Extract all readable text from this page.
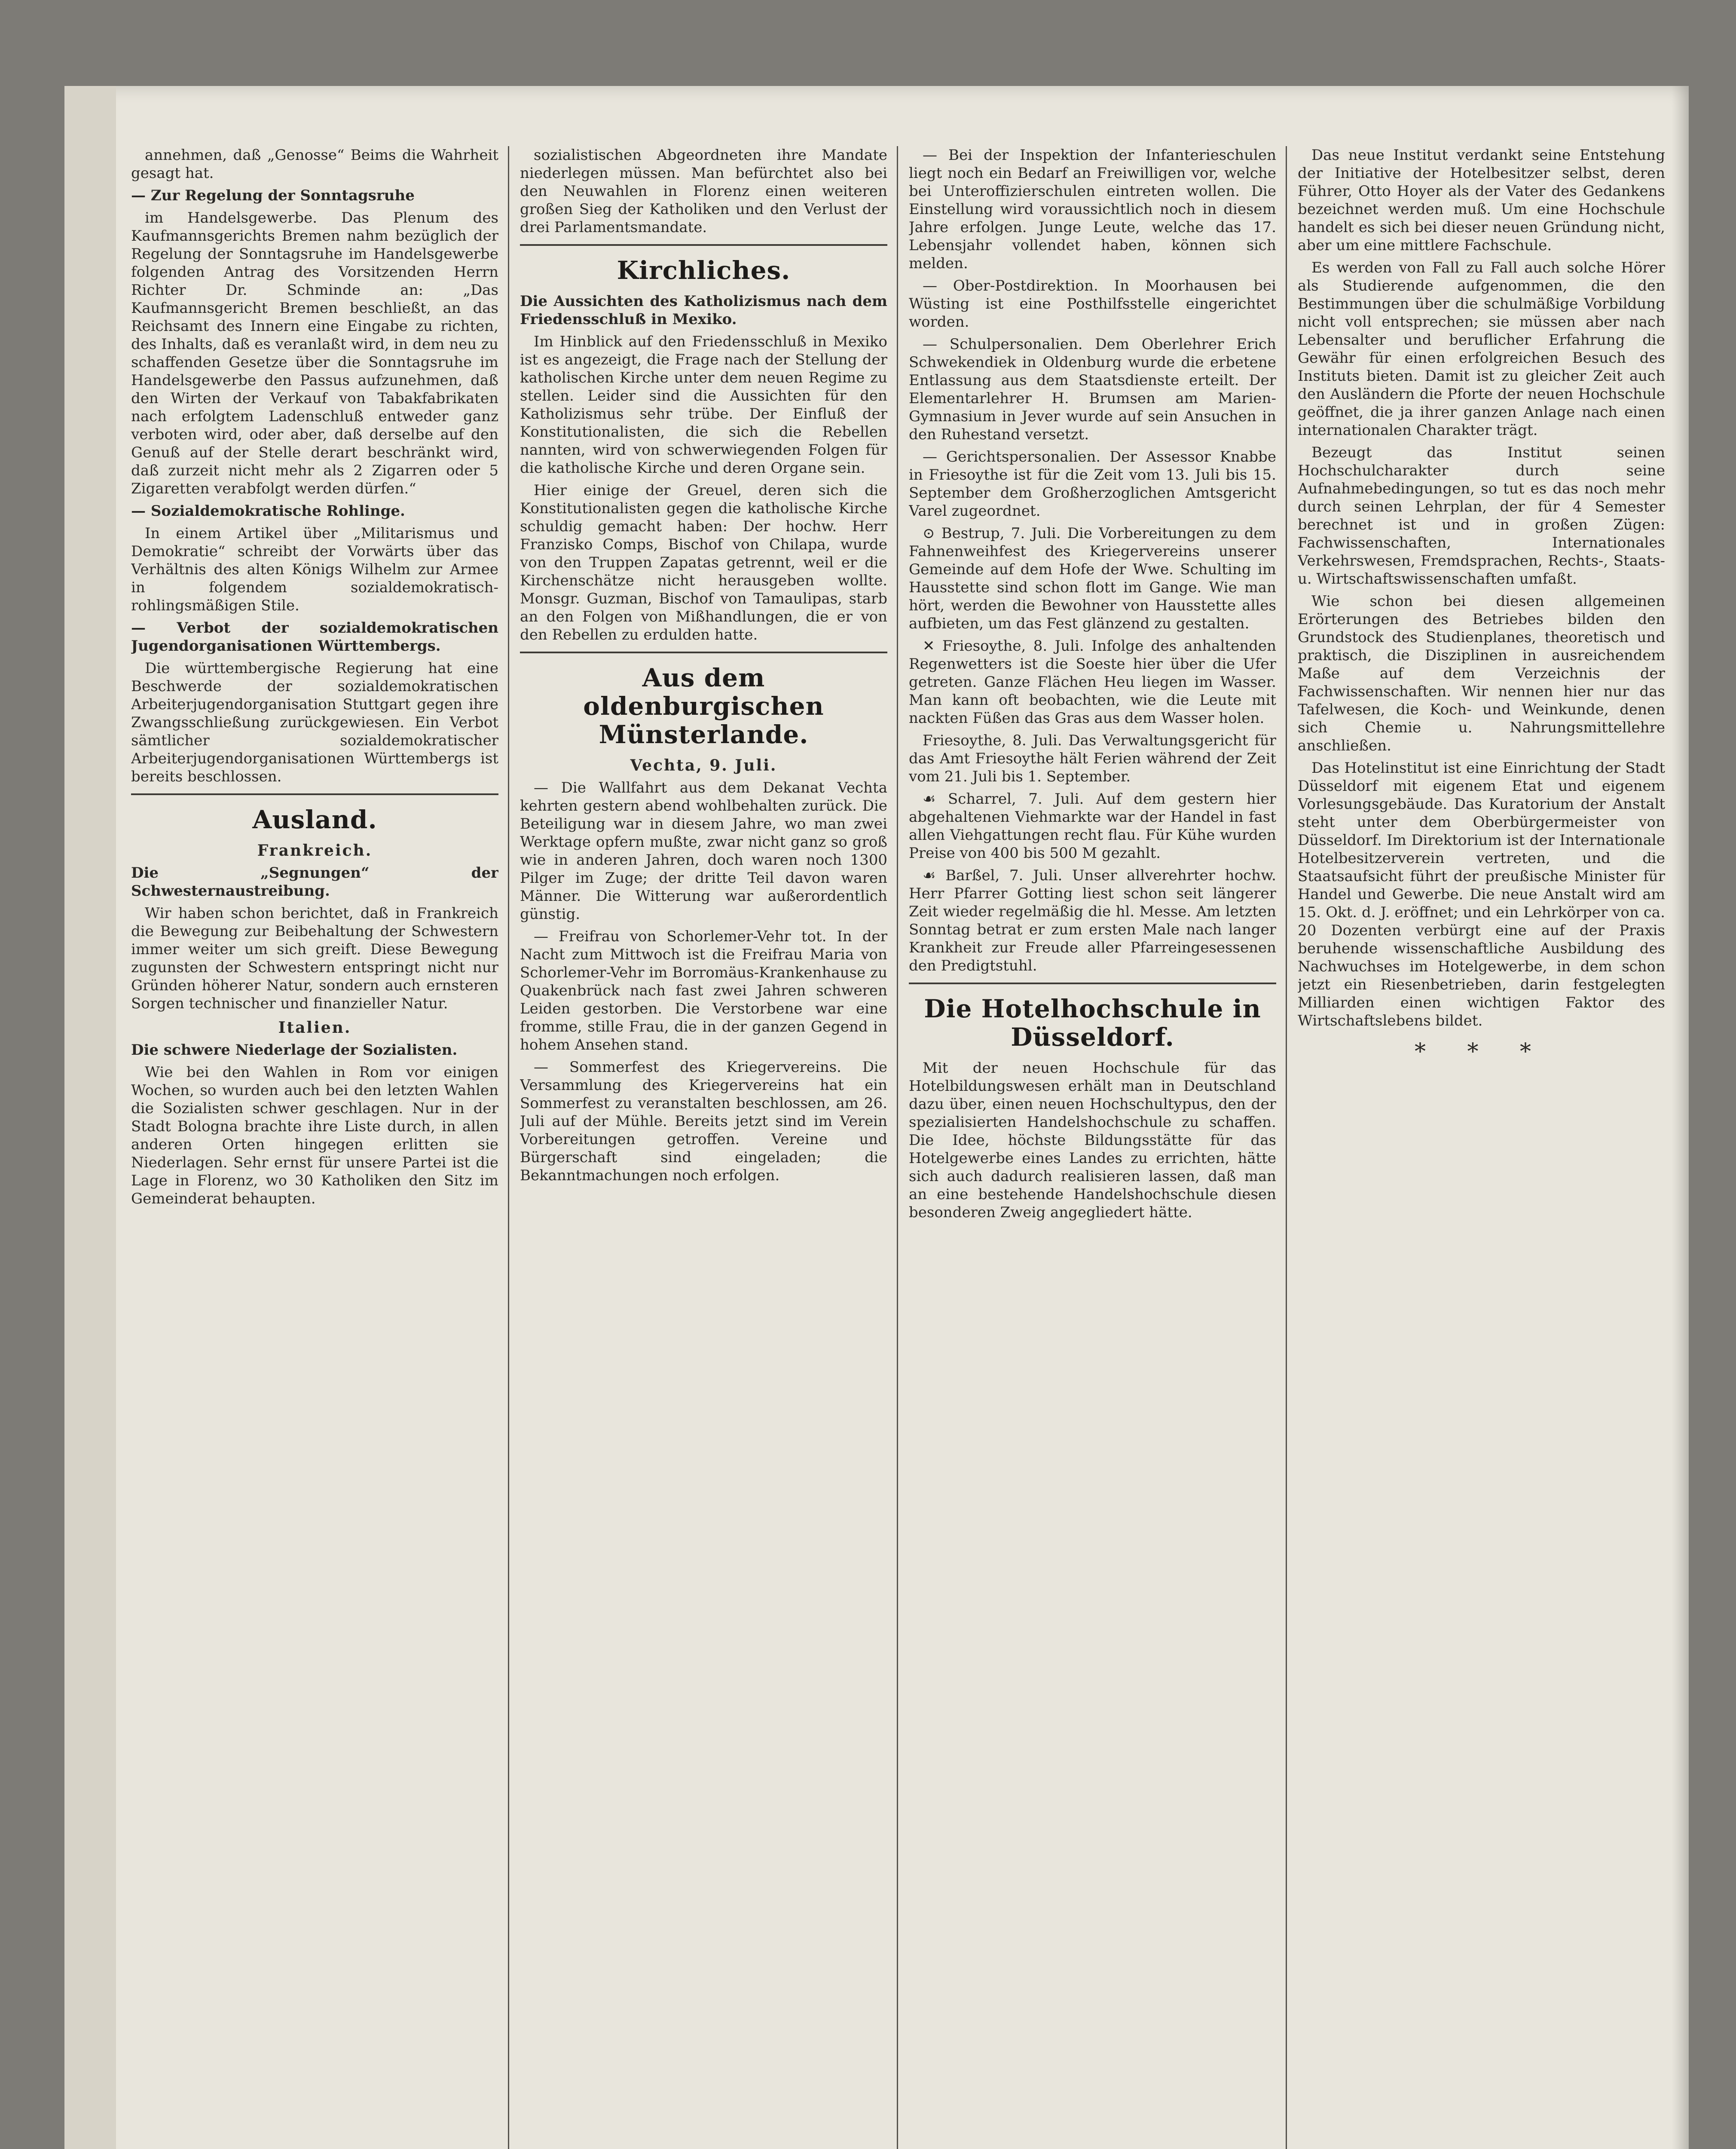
annehmen, daß „Genosse“ Beims die Wahrheit gesagt hat.

— Zur Regelung der Sonntagsruhe

im Handelsgewerbe. Das Plenum des Kaufmannsgerichts Bremen nahm bezüglich der Regelung der Sonntagsruhe im Handelsgewerbe folgenden Antrag des Vorsitzenden Herrn Richter Dr. Schminde an: „Das Kaufmannsgericht Bremen beschließt, an das Reichsamt des Innern eine Eingabe zu richten, des Inhalts, daß es veranlaßt wird, in dem neu zu schaffenden Gesetze über die Sonntagsruhe im Handelsgewerbe den Passus aufzunehmen, daß den Wirten der Verkauf von Tabakfabrikaten nach erfolgtem Ladenschluß entweder ganz verboten wird, oder aber, daß derselbe auf den Genuß auf der Stelle derart beschränkt wird, daß zurzeit nicht mehr als 2 Zigarren oder 5 Zigaretten verabfolgt werden dürfen.“

— Sozialdemokratische Rohlinge.

In einem Artikel über „Militarismus und Demokratie“ schreibt der Vorwärts über das Verhältnis des alten Königs Wilhelm zur Armee in folgendem sozialdemokratisch-rohlingsmäßigen Stile.

— Verbot der sozialdemokratischen Jugendorganisationen Württembergs.

Die württembergische Regierung hat eine Beschwerde der sozialdemokratischen Arbeiterjugendorganisation Stuttgart gegen ihre Zwangsschließung zurückgewiesen. Ein Verbot sämtlicher sozialdemokratischer Arbeiterjugendorganisationen Württembergs ist bereits beschlossen.

Ausland.
Frankreich.

Die „Segnungen“ der Schwesternaustreibung.

Wir haben schon berichtet, daß in Frankreich die Bewegung zur Beibehaltung der Schwestern immer weiter um sich greift. Diese Bewegung zugunsten der Schwestern entspringt nicht nur Gründen höherer Natur, sondern auch ernsteren Sorgen technischer und finanzieller Natur.

Italien.

Die schwere Niederlage der Sozialisten.

Wie bei den Wahlen in Rom vor einigen Wochen, so wurden auch bei den letzten Wahlen die Sozialisten schwer geschlagen. Nur in der Stadt Bologna brachte ihre Liste durch, in allen anderen Orten hingegen erlitten sie Niederlagen. Sehr ernst für unsere Partei ist die Lage in Florenz, wo 30 Katholiken den Sitz im Gemeinderat behaupten.

sozialistischen Abgeordneten ihre Mandate niederlegen müssen. Man befürchtet also bei den Neuwahlen in Florenz einen weiteren großen Sieg der Katholiken und den Verlust der drei Parlamentsmandate.

Kirchliches.

Die Aussichten des Katholizismus nach dem Friedensschluß in Mexiko.

Im Hinblick auf den Friedensschluß in Mexiko ist es angezeigt, die Frage nach der Stellung der katholischen Kirche unter dem neuen Regime zu stellen. Leider sind die Aussichten für den Katholizismus sehr trübe. Der Einfluß der Konstitutionalisten, die sich die Rebellen nannten, wird von schwerwiegenden Folgen für die katholische Kirche und deren Organe sein.

Hier einige der Greuel, deren sich die Konstitutionalisten gegen die katholische Kirche schuldig gemacht haben: Der hochw. Herr Franzisko Comps, Bischof von Chilapa, wurde von den Truppen Zapatas getrennt, weil er die Kirchenschätze nicht herausgeben wollte. Monsgr. Guzman, Bischof von Tamaulipas, starb an den Folgen von Mißhandlungen, die er von den Rebellen zu erdulden hatte.

Aus dem oldenburgischen Münsterlande.
Vechta, 9. Juli.

— Die Wallfahrt aus dem Dekanat Vechta kehrten gestern abend wohlbehalten zurück. Die Beteiligung war in diesem Jahre, wo man zwei Werktage opfern mußte, zwar nicht ganz so groß wie in anderen Jahren, doch waren noch 1300 Pilger im Zuge; der dritte Teil davon waren Männer. Die Witterung war außerordentlich günstig.

— Freifrau von Schorlemer-Vehr tot. In der Nacht zum Mittwoch ist die Freifrau Maria von Schorlemer-Vehr im Borromäus-Krankenhause zu Quakenbrück nach fast zwei Jahren schweren Leiden gestorben. Die Verstorbene war eine fromme, stille Frau, die in der ganzen Gegend in hohem Ansehen stand.

— Sommerfest des Kriegervereins. Die Versammlung des Kriegervereins hat ein Sommerfest zu veranstalten beschlossen, am 26. Juli auf der Mühle. Bereits jetzt sind im Verein Vorbereitungen getroffen. Vereine und Bürgerschaft sind eingeladen; die Bekanntmachungen noch erfolgen.

— Bei der Inspektion der Infanterieschulen liegt noch ein Bedarf an Freiwilligen vor, welche bei Unteroffizierschulen eintreten wollen. Die Einstellung wird voraussichtlich noch in diesem Jahre erfolgen. Junge Leute, welche das 17. Lebensjahr vollendet haben, können sich melden.

— Ober-Postdirektion. In Moorhausen bei Wüsting ist eine Posthilfsstelle eingerichtet worden.

— Schulpersonalien. Dem Oberlehrer Erich Schwekendiek in Oldenburg wurde die erbetene Entlassung aus dem Staatsdienste erteilt. Der Elementarlehrer H. Brumsen am Marien-Gymnasium in Jever wurde auf sein Ansuchen in den Ruhestand versetzt.

— Gerichtspersonalien. Der Assessor Knabbe in Friesoythe ist für die Zeit vom 13. Juli bis 15. September dem Großherzoglichen Amtsgericht Varel zugeordnet.

⊙ Bestrup, 7. Juli. Die Vorbereitungen zu dem Fahnenweihfest des Kriegervereins unserer Gemeinde auf dem Hofe der Wwe. Schulting im Hausstette sind schon flott im Gange. Wie man hört, werden die Bewohner von Hausstette alles aufbieten, um das Fest glänzend zu gestalten.

✕ Friesoythe, 8. Juli. Infolge des anhaltenden Regenwetters ist die Soeste hier über die Ufer getreten. Ganze Flächen Heu liegen im Wasser. Man kann oft beobachten, wie die Leute mit nackten Füßen das Gras aus dem Wasser holen.

Friesoythe, 8. Juli. Das Verwaltungsgericht für das Amt Friesoythe hält Ferien während der Zeit vom 21. Juli bis 1. September.

☙ Scharrel, 7. Juli. Auf dem gestern hier abgehaltenen Viehmarkte war der Handel in fast allen Viehgattungen recht flau. Für Kühe wurden Preise von 400 bis 500 M gezahlt.

☙ Barßel, 7. Juli. Unser allverehrter hochw. Herr Pfarrer Gotting liest schon seit längerer Zeit wieder regelmäßig die hl. Messe. Am letzten Sonntag betrat er zum ersten Male nach langer Krankheit zur Freude aller Pfarreingesessenen den Predigtstuhl.

Die Hotelhochschule in Düsseldorf.

Mit der neuen Hochschule für das Hotelbildungswesen erhält man in Deutschland dazu über, einen neuen Hochschultypus, den der spezialisierten Handelshochschule zu schaffen. Die Idee, höchste Bildungsstätte für das Hotelgewerbe eines Landes zu errichten, hätte sich auch dadurch realisieren lassen, daß man an eine bestehende Handelshochschule diesen besonderen Zweig angegliedert hätte.

Das neue Institut verdankt seine Entstehung der Initiative der Hotelbesitzer selbst, deren Führer, Otto Hoyer als der Vater des Gedankens bezeichnet werden muß. Um eine Hochschule handelt es sich bei dieser neuen Gründung nicht, aber um eine mittlere Fachschule.

Es werden von Fall zu Fall auch solche Hörer als Studierende aufgenommen, die den Bestimmungen über die schulmäßige Vorbildung nicht voll entsprechen; sie müssen aber nach Lebensalter und beruflicher Erfahrung die Gewähr für einen erfolgreichen Besuch des Instituts bieten. Damit ist zu gleicher Zeit auch den Ausländern die Pforte der neuen Hochschule geöffnet, die ja ihrer ganzen Anlage nach einen internationalen Charakter trägt.

Bezeugt das Institut seinen Hochschulcharakter durch seine Aufnahmebedingungen, so tut es das noch mehr durch seinen Lehrplan, der für 4 Semester berechnet ist und in großen Zügen: Fachwissenschaften, Internationales Verkehrswesen, Fremdsprachen, Rechts-, Staats- u. Wirtschaftswissenschaften umfaßt.

Wie schon bei diesen allgemeinen Erörterungen des Betriebes bilden den Grundstock des Studienplanes, theoretisch und praktisch, die Disziplinen in ausreichendem Maße auf dem Verzeichnis der Fachwissenschaften. Wir nennen hier nur das Tafelwesen, die Koch- und Weinkunde, denen sich Chemie u. Nahrungsmittellehre anschließen.

Das Hotelinstitut ist eine Einrichtung der Stadt Düsseldorf mit eigenem Etat und eigenem Vorlesungsgebäude. Das Kuratorium der Anstalt steht unter dem Oberbürgermeister von Düsseldorf. Im Direktorium ist der Internationale Hotelbesitzerverein vertreten, und die Staatsaufsicht führt der preußische Minister für Handel und Gewerbe. Die neue Anstalt wird am 15. Okt. d. J. eröffnet; und ein Lehrkörper von ca. 20 Dozenten verbürgt eine auf der Praxis beruhende wissenschaftliche Ausbildung des Nachwuchses im Hotelgewerbe, in dem schon jetzt ein Riesenbetrieben, darin festgelegten Milliarden einen wichtigen Faktor des Wirtschaftslebens bildet.

* * *
